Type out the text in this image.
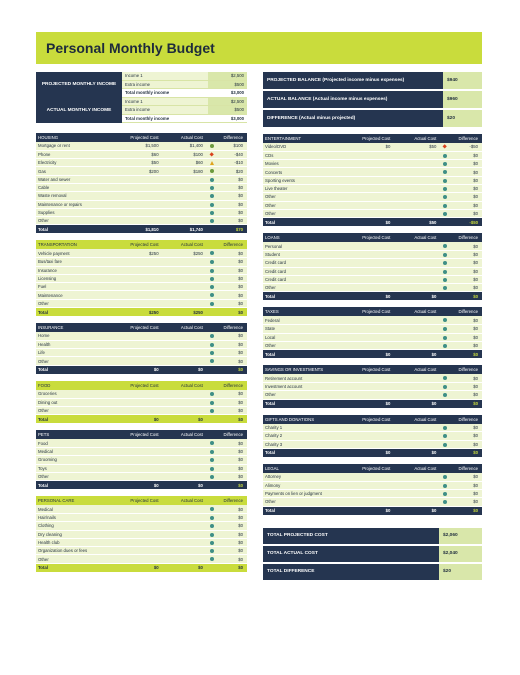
Personal Monthly Budget
PROJECTED MONTHLY INCOME
Income 1	$2,500
Extra income	$500
Total monthly income	$3,000
ACTUAL MONTHLY INCOME
Income 1	$2,500
Extra income	$500
Total monthly income	$3,000
HOUSING	Projected Cost	Actual Cost	Difference
Mortgage or rent	$1,500	$1,400	$100
Phone	$60	$100	-$40
Electricity	$50	$60	-$10
Gas	$200	$180	$20
Water and sewer			$0
Cable			$0
Waste removal			$0
Maintenance or repairs			$0
Supplies			$0
Other			$0
Total	$1,810	$1,740	$70
TRANSPORTATION	Projected Cost	Actual Cost	Difference
Vehicle payment	$250	$250	$0
Bus/taxi fare			$0
Insurance			$0
Licensing			$0
Fuel			$0
Maintenance			$0
Other			$0
Total	$250	$250	$0
INSURANCE	Projected Cost	Actual Cost	Difference
Home			$0
Health			$0
Life			$0
Other			$0
Total	$0	$0	$0
FOOD	Projected Cost	Actual Cost	Difference
Groceries			$0
Dining out			$0
Other			$0
Total	$0	$0	$0
PETS	Projected Cost	Actual Cost	Difference
Food			$0
Medical			$0
Grooming			$0
Toys			$0
Other			$0
Total	$0	$0	$0
PERSONAL CARE	Projected Cost	Actual Cost	Difference
Medical			$0
Hair/nails			$0
Clothing			$0
Dry cleaning			$0
Health club			$0
Organization dues or fees			$0
Other			$0
Total	$0	$0	$0
PROJECTED BALANCE (Projected income minus expenses)	$940
ACTUAL BALANCE (Actual income minus expenses)	$960
DIFFERENCE (Actual minus projected)	$20
ENTERTAINMENT	Projected Cost	Actual Cost	Difference
Video/DVD	$0	$50	-$50
CDs			$0
Movies			$0
Concerts			$0
Sporting events			$0
Live theater			$0
Other			$0
Other			$0
Other			$0
Total	$0	$50	-$50
LOANS	Projected Cost	Actual Cost	Difference
Personal			$0
Student			$0
Credit card			$0
Credit card			$0
Credit card			$0
Other			$0
Total	$0	$0	$0
TAXES	Projected Cost	Actual Cost	Difference
Federal			$0
State			$0
Local			$0
Other			$0
Total	$0	$0	$0
SAVINGS OR INVESTMENTS	Projected Cost	Actual Cost	Difference
Retirement account			$0
Investment account			$0
Other			$0
Total	$0	$0	$0
GIFTS AND DONATIONS	Projected Cost	Actual Cost	Difference
Charity 1			$0
Charity 2			$0
Charity 3			$0
Total	$0	$0	$0
LEGAL	Projected Cost	Actual Cost	Difference
Attorney			$0
Alimony			$0
Payments on lien or judgment			$0
Other			$0
Total	$0	$0	$0
TOTAL PROJECTED COST	$2,060
TOTAL ACTUAL COST	$2,040
TOTAL DIFFERENCE	$20
